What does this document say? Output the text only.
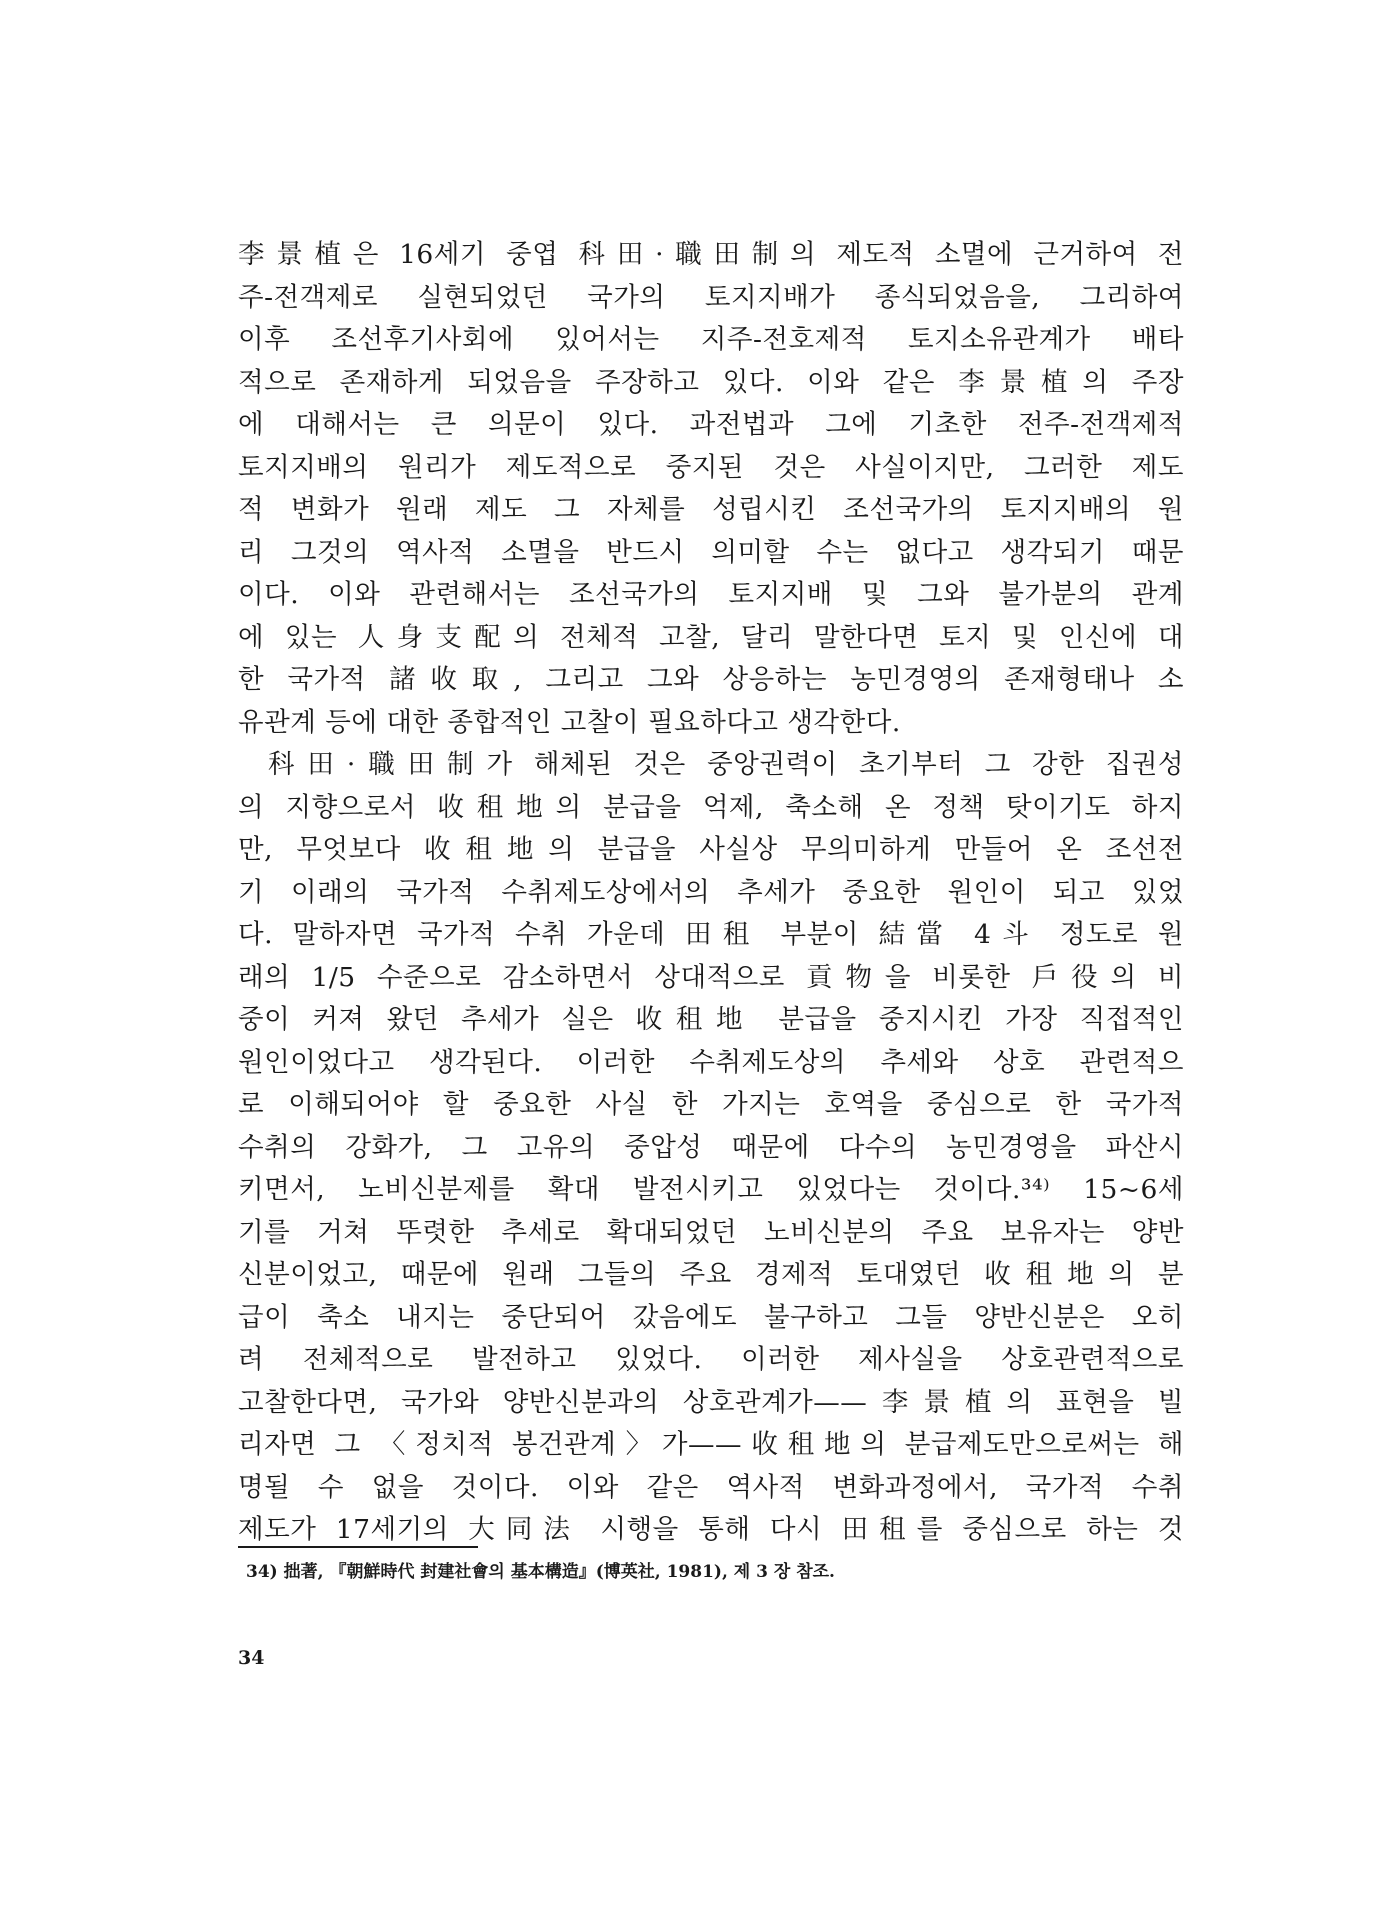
李景植은 16세기 중엽 科田·職田制의 제도적 소멸에 근거하여 전
주-전객제로 실현되었던 국가의 토지지배가 종식되었음을, 그리하여
이후 조선후기사회에 있어서는 지주-전호제적 토지소유관계가 배타
적으로 존재하게 되었음을 주장하고 있다. 이와 같은 李景植의 주장
에 대해서는 큰 의문이 있다. 과전법과 그에 기초한 전주-전객제적
토지지배의 원리가 제도적으로 중지된 것은 사실이지만, 그러한 제도
적 변화가 원래 제도 그 자체를 성립시킨 조선국가의 토지지배의 원
리 그것의 역사적 소멸을 반드시 의미할 수는 없다고 생각되기 때문
이다. 이와 관련해서는 조선국가의 토지지배 및 그와 불가분의 관계
에 있는 人身支配의 전체적 고찰, 달리 말한다면 토지 및 인신에 대
한 국가적 諸收取, 그리고 그와 상응하는 농민경영의 존재형태나 소
유관계 등에 대한 종합적인 고찰이 필요하다고 생각한다.
科田·職田制가 해체된 것은 중앙권력이 초기부터 그 강한 집권성
의 지향으로서 收租地의 분급을 억제, 축소해 온 정책 탓이기도 하지
만, 무엇보다 收租地의 분급을 사실상 무의미하게 만들어 온 조선전
기 이래의 국가적 수취제도상에서의 추세가 중요한 원인이 되고 있었
다. 말하자면 국가적 수취 가운데 田租 부분이 結當 4斗 정도로 원
래의 1/5 수준으로 감소하면서 상대적으로 貢物을 비롯한 戶役의 비
중이 커져 왔던 추세가 실은 收租地 분급을 중지시킨 가장 직접적인
원인이었다고 생각된다. 이러한 수취제도상의 추세와 상호 관련적으
로 이해되어야 할 중요한 사실 한 가지는 호역을 중심으로 한 국가적
수취의 강화가, 그 고유의 중압성 때문에 다수의 농민경영을 파산시
키면서, 노비신분제를 확대 발전시키고 있었다는 것이다.³⁴⁾ 15~6세
기를 거쳐 뚜렷한 추세로 확대되었던 노비신분의 주요 보유자는 양반
신분이었고, 때문에 원래 그들의 주요 경제적 토대였던 收租地의 분
급이 축소 내지는 중단되어 갔음에도 불구하고 그들 양반신분은 오히
려 전체적으로 발전하고 있었다. 이러한 제사실을 상호관련적으로
고찰한다면, 국가와 양반신분과의 상호관계가——李景植의 표현을 빌
리자면 그 〈정치적 봉건관계〉가——收租地의 분급제도만으로써는 해
명될 수 없을 것이다. 이와 같은 역사적 변화과정에서, 국가적 수취
제도가 17세기의 大同法 시행을 통해 다시 田租를 중심으로 하는 것
34) 拙著, 『朝鮮時代 封建社會의 基本構造』(博英社, 1981), 제 3 장 참조.
34
